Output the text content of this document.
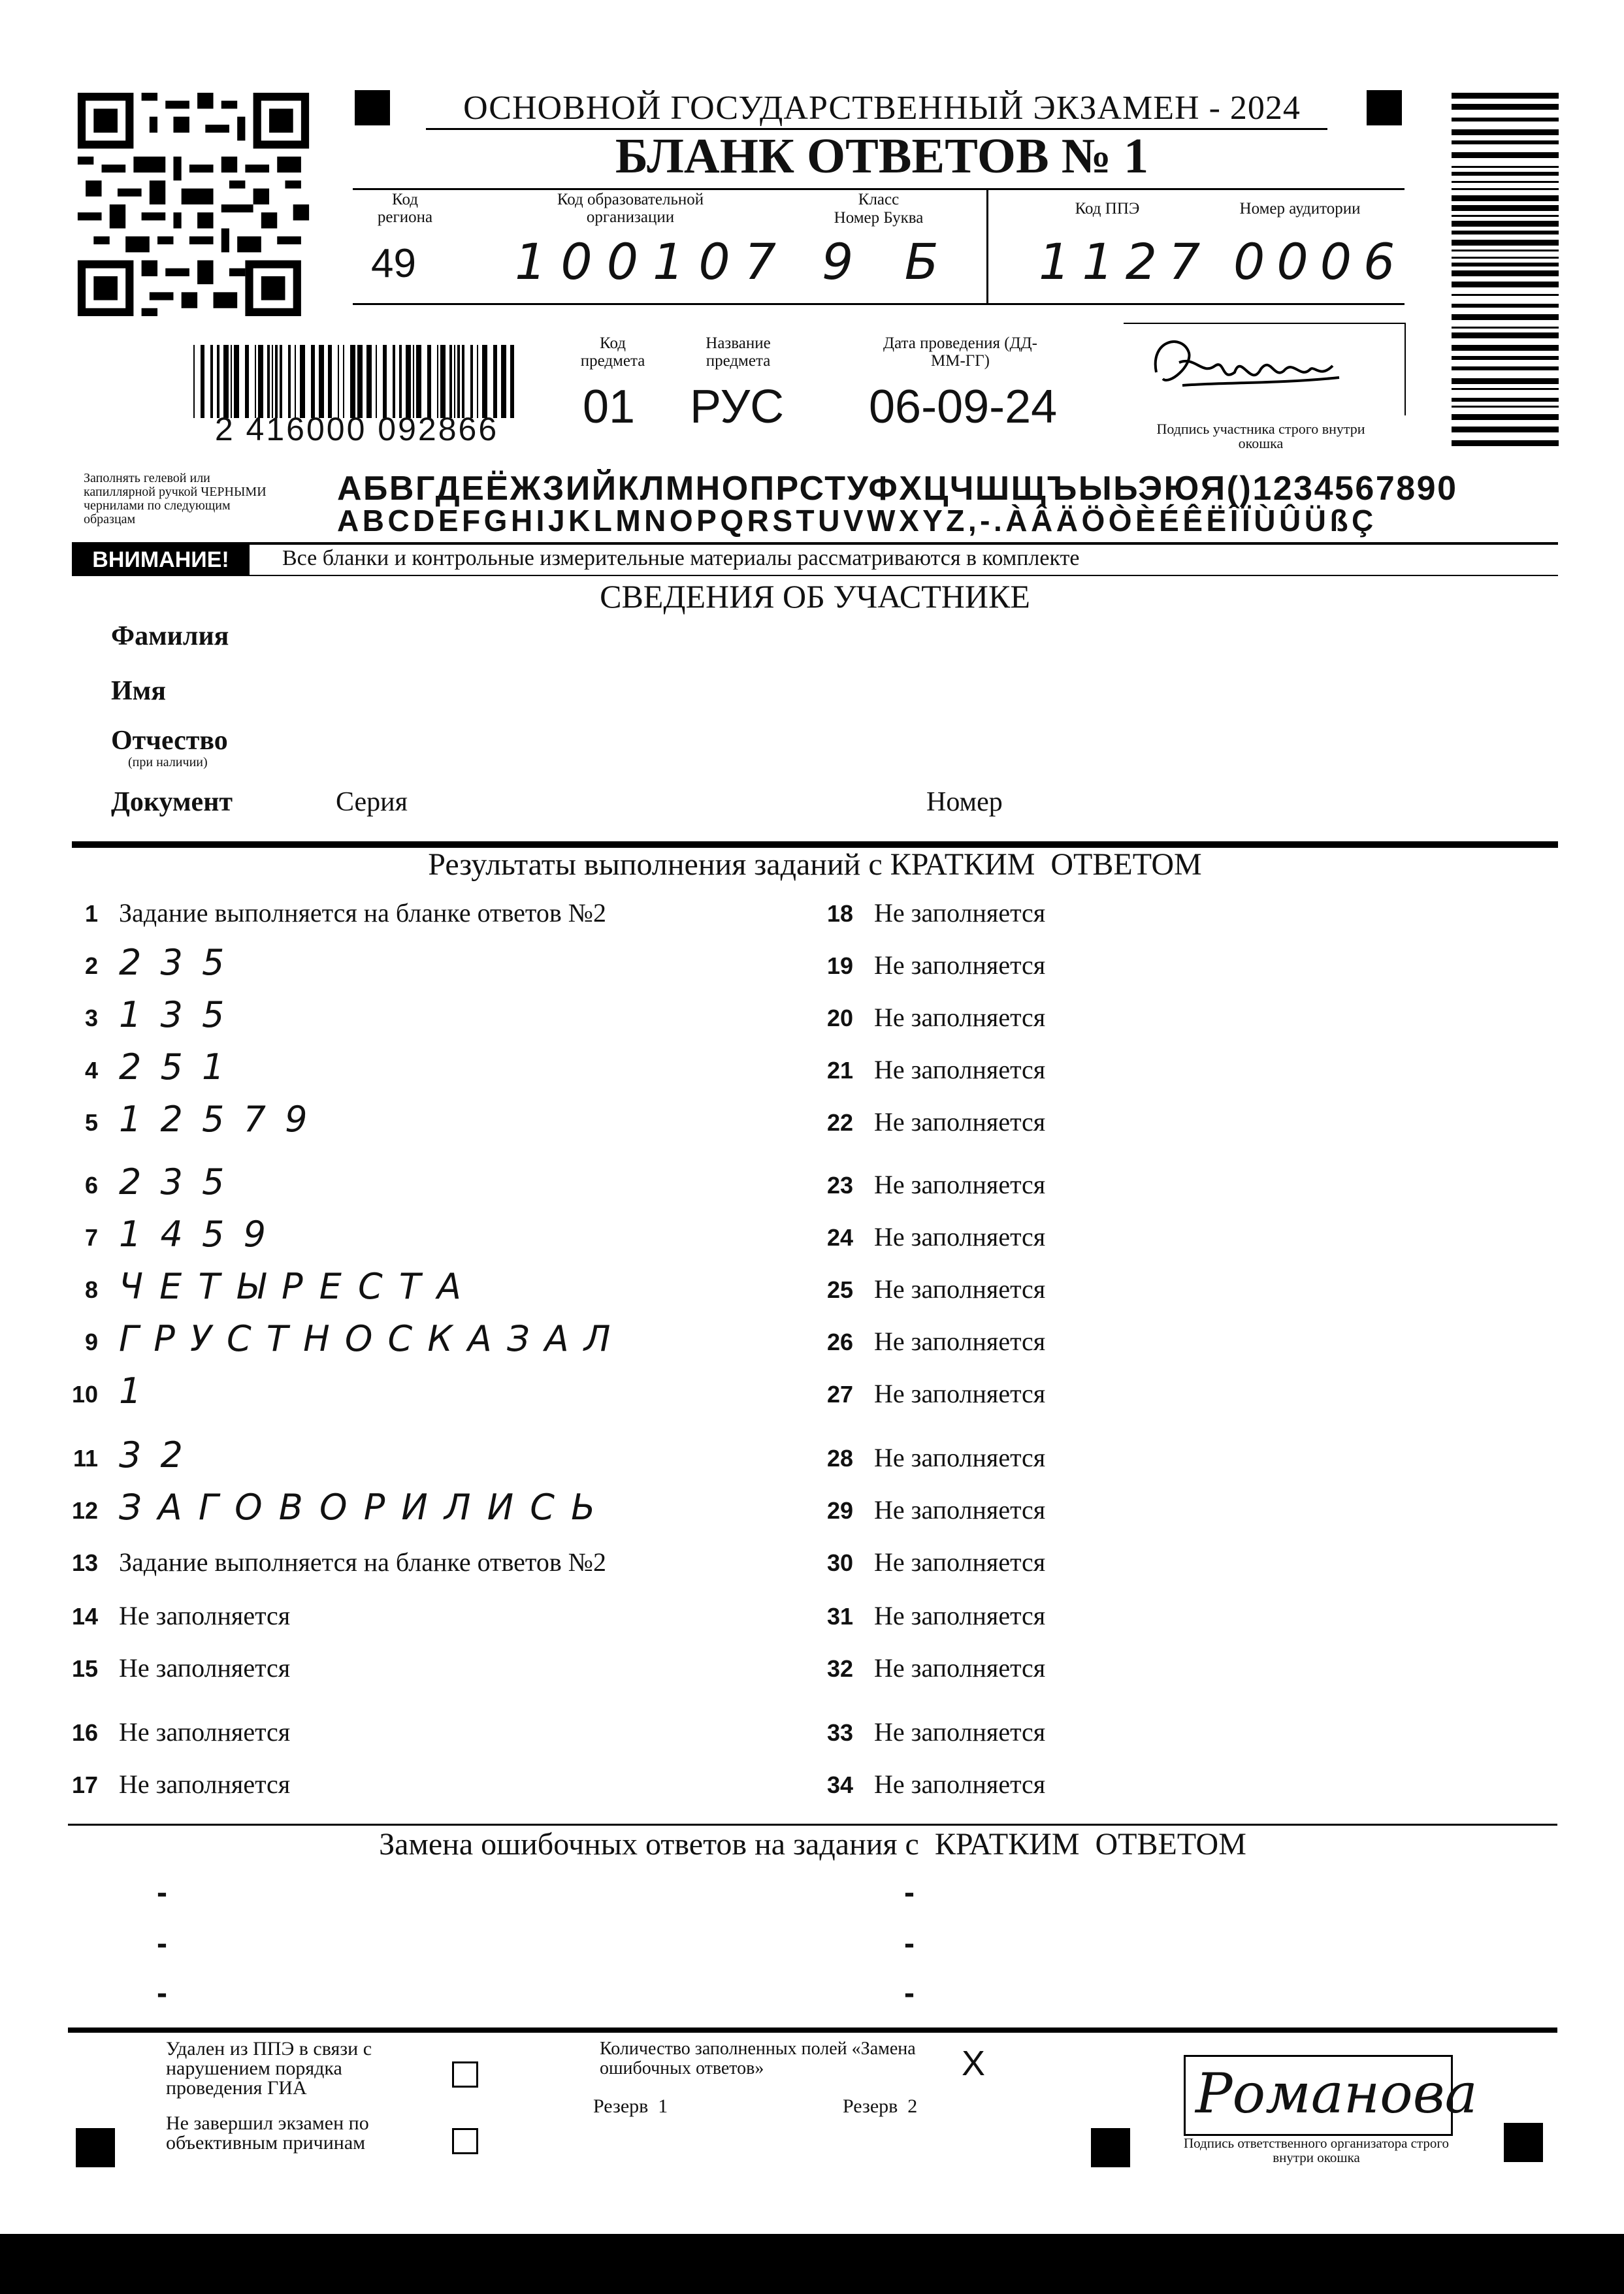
ОСНОВНОЙ ГОСУДАРСТВЕННЫЙ ЭКЗАМЕН - 2024
БЛАНК ОТВЕТОВ № 1
Код региона
49
Код образовательной организации
100107
Класс
Номер Буква
9  Б
Код ППЭ
1127
Номер аудитории
0006
2 416000 092866
Код предмета
01
Название предмета
РУС
Дата проведения (ДД-ММ-ГГ)
06-09-24	Подпись участника строго внутри окошка
Заполнять гелевой или капиллярной ручкой ЧЕРНЫМИ чернилами по следующим образцам
АБВГДЕЁЖЗИЙКЛМНОПРСТУФХЦЧШЩЪЫЬЭЮЯ()1234567890
ABCDEFGHIJKLMNOPQRSTUVWXYZ,-.ÀÂÄÖÒÈÉÊËÎÏÙÛÜßÇ
ВНИМАНИЕ!	Все бланки и контрольные измерительные материалы рассматриваются в комплекте
СВЕДЕНИЯ ОБ УЧАСТНИКЕ
Фамилия
Имя
Отчество
(при наличии)
Документ	Серия	Номер
Результаты выполнения заданий с КРАТКИМ  ОТВЕТОМ
1 Задание выполняется на бланке ответов №2
2 2 3 5
3 1 3 5
4 2 5 1
5 1 2 5 7 9
6 2 3 5
7 1 4 5 9
8 Ч Е Т Ы Р Е С Т А
9 Г Р У С Т Н О С К А З А Л
10 1
11 3 2
12 З А Г О В О Р И Л И С Ь
13 Задание выполняется на бланке ответов №2
14 Не заполняется
15 Не заполняется
16 Не заполняется
17 Не заполняется
18 Не заполняется
19 Не заполняется
20 Не заполняется
21 Не заполняется
22 Не заполняется
23 Не заполняется
24 Не заполняется
25 Не заполняется
26 Не заполняется
27 Не заполняется
28 Не заполняется
29 Не заполняется
30 Не заполняется
31 Не заполняется
32 Не заполняется
33 Не заполняется
34 Не заполняется
Замена ошибочных ответов на задания с  КРАТКИМ  ОТВЕТОМ
-
-
-
-
-
-
Удален из ППЭ в связи с нарушением порядка проведения ГИА
Не завершил экзамен по объективным причинам
Количество заполненных полей «Замена ошибочных ответов»	X
Резерв  1	Резерв  2	Романова
Подпись ответственного организатора строго внутри окошка
